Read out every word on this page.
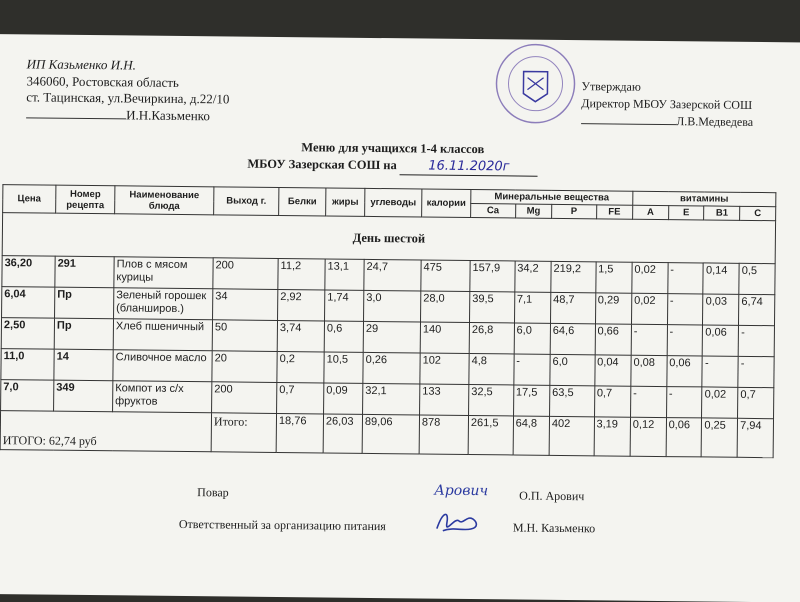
ИП Казьменко И.Н.
346060, Ростовская область
ст. Тацинская, ул.Вечиркина, д.22/10
И.Н.Казьменко
Утверждаю
Директор МБОУ Зазерской СОШ
Л.В.Медведева
Меню для учащихся 1-4 классов
МБОУ Зазерская СОШ на 16.11.2020г
Цена	Номер рецепта	Наименование блюда	Выход г.	Белки	жиры	углеводы	калории	Минеральные вещества				витамины			
								Ca	Mg	P	FE	A	E	B1	C
День шестой															
36,20	291	Плов с мясом курицы	200	11,2	13,1	24,7	475	157,9	34,2	219,2	1,5	0,02	-	0,14	0,5
6,04	Пр	Зеленый горошек (бланширов.)	34	2,92	1,74	3,0	28,0	39,5	7,1	48,7	0,29	0,02	-	0,03	6,74
2,50	Пр	Хлеб пшеничный	50	3,74	0,6	29	140	26,8	6,0	64,6	0,66	-	-	0,06	-
11,0	14	Сливочное масло	20	0,2	10,5	0,26	102	4,8	-	6,0	0,04	0,08	0,06	-	-
7,0	349	Компот из с/х фруктов	200	0,7	0,09	32,1	133	32,5	17,5	63,5	0,7	-	-	0,02	0,7
ИТОГО: 62,74 руб			Итого:	18,76	26,03	89,06	878	261,5	64,8	402	3,19	0,12	0,06	0,25	7,94
Повар	Арович	О.П. Арович
Ответственный за организацию питания	М.Н. Казьменко
